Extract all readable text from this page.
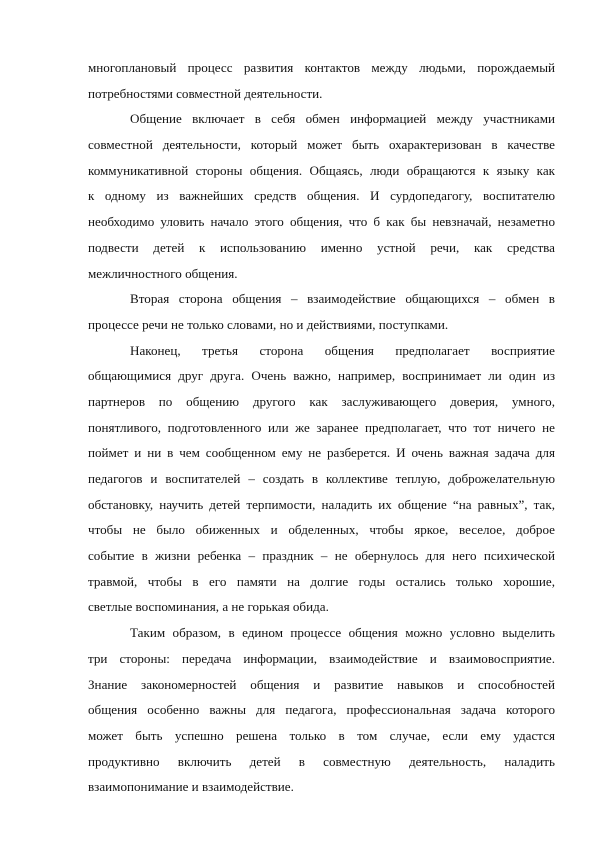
многоплановый процесс развития контактов между людьми, порождаемый
потребностями совместной деятельности.

Общение включает в себя обмен информацией между участниками
совместной деятельности, который может быть охарактеризован в качестве
коммуникативной стороны общения. Общаясь, люди обращаются к языку как
к одному из важнейших средств общения. И сурдопедагогу, воспитателю
необходимо уловить начало этого общения, что б как бы невзначай, незаметно
подвести детей к использованию именно устной речи, как средства
межличностного общения.

Вторая сторона общения – взаимодействие общающихся – обмен в
процессе речи не только словами, но и действиями, поступками.

Наконец, третья сторона общения предполагает восприятие
общающимися друг друга. Очень важно, например, воспринимает ли один из
партнеров по общению другого как заслуживающего доверия, умного,
понятливого, подготовленного или же заранее предполагает, что тот ничего не
поймет и ни в чем сообщенном ему не разберется. И очень важная задача для
педагогов и воспитателей – создать в коллективе теплую, доброжелательную
обстановку, научить детей терпимости, наладить их общение “на равных”, так,
чтобы не было обиженных и обделенных, чтобы яркое, веселое, доброе
событие в жизни ребенка – праздник – не обернулось для него психической
травмой, чтобы в его памяти на долгие годы остались только хорошие,
светлые воспоминания, а не горькая обида.

Таким образом, в едином процессе общения можно условно выделить
три стороны: передача информации, взаимодействие и взаимовосприятие.
Знание закономерностей общения и развитие навыков и способностей
общения особенно важны для педагога, профессиональная задача которого
может быть успешно решена только в том случае, если ему удастся
продуктивно включить детей в совместную деятельность, наладить
взаимопонимание и взаимодействие.
